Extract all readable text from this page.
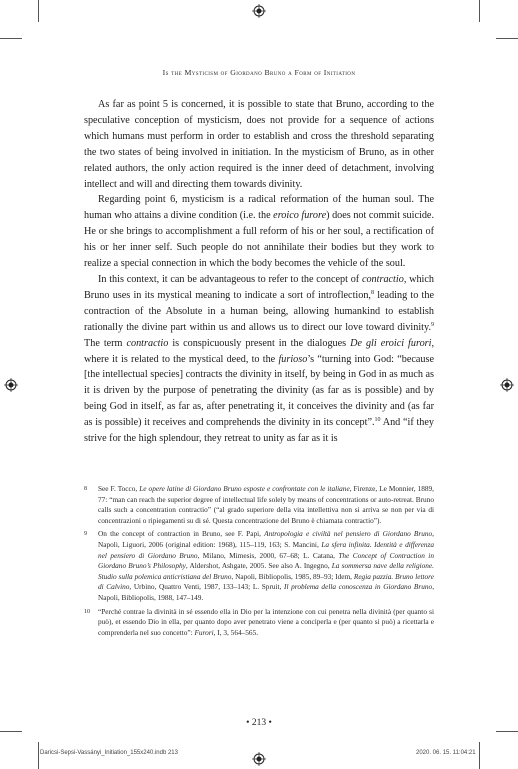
Is the Mysticism of Giordano Bruno a Form of Initiation

As far as point 5 is concerned, it is possible to state that Bruno, according to the speculative conception of mysticism, does not provide for a sequence of actions which humans must perform in order to establish and cross the threshold separating the two states of being involved in initiation. In the mysticism of Bruno, as in other related authors, the only action required is the inner deed of detachment, involving intellect and will and directing them towards divinity.

Regarding point 6, mysticism is a radical reformation of the human soul. The human who attains a divine condition (i.e. the eroico furore) does not commit suicide. He or she brings to accomplishment a full reform of his or her soul, a rectification of his or her inner self. Such people do not annihilate their bodies but they work to realize a special connection in which the body becomes the vehicle of the soul.

In this context, it can be advantageous to refer to the concept of contractio, which Bruno uses in its mystical meaning to indicate a sort of introflection,$^8$ leading to the contraction of the Absolute in a human being, allowing humankind to establish rationally the divine part within us and allows us to direct our love toward divinity.$^9$ The term contractio is conspicuously present in the dialogues De gli eroici furori, where it is related to the mystical deed, to the furioso’s “turning into God: “because [the intellectual species] contracts the divinity in itself, by being in God in as much as it is driven by the purpose of penetrating the divinity (as far as is possible) and by being God in itself, as far as, after penetrating it, it conceives the divinity and (as far as is possible) it receives and comprehends the divinity in its concept”.$^{10}$ And “if they strive for the high splendour, they retreat to unity as far as it is

8 See F. Tocco, Le opere latine di Giordano Bruno esposte e confrontate con le italiane, Firenze, Le Monnier, 1889, 77: “man can reach the superior degree of intellectual life solely by means of concentrations or auto-retreat. Bruno calls such a concentration contractio” (“al grado superiore della vita intellettiva non si arriva se non per via di concentrazioni o ripiegamenti su di sé. Questa concentrazione del Bruno è chiamata contractio”).
9 On the concept of contraction in Bruno, see F. Papi, Antropologia e civiltà nel pensiero di Giordano Bruno, Napoli, Liguori, 2006 (original edition: 1968), 115–119, 163; S. Mancini, La sfera infinita. Identità e differenza nel pensiero di Giordano Bruno, Milano, Mimesis, 2000, 67–68; L. Catana, The Concept of Contraction in Giordano Bruno’s Philosophy, Aldershot, Ashgate, 2005. See also A. Ingegno, La sommersa nave della religione. Studio sulla polemica anticristiana del Bruno, Napoli, Bibliopolis, 1985, 89–93; Idem, Regia pazzia. Bruno lettore di Calvino, Urbino, Quattro Venti, 1987, 133–143; L. Spruit, Il problema della conoscenza in Giordano Bruno, Napoli, Bibliopolis, 1988, 147–149.
10 “Perché contrae la divinità in sé essendo ella in Dio per la intenzione con cui penetra nella divinità (per quanto si può), et essendo Dio in ella, per quanto dopo aver penetrato viene a conciperla e (per quanto si può) a ricettarla e comprenderla nel suo concetto”: Furori, I, 3, 564–565.
• 213 •
Daricsi-Sepsi-Vassányi_Initiation_155x240.indb 213	2020. 06. 15. 11:04:21
